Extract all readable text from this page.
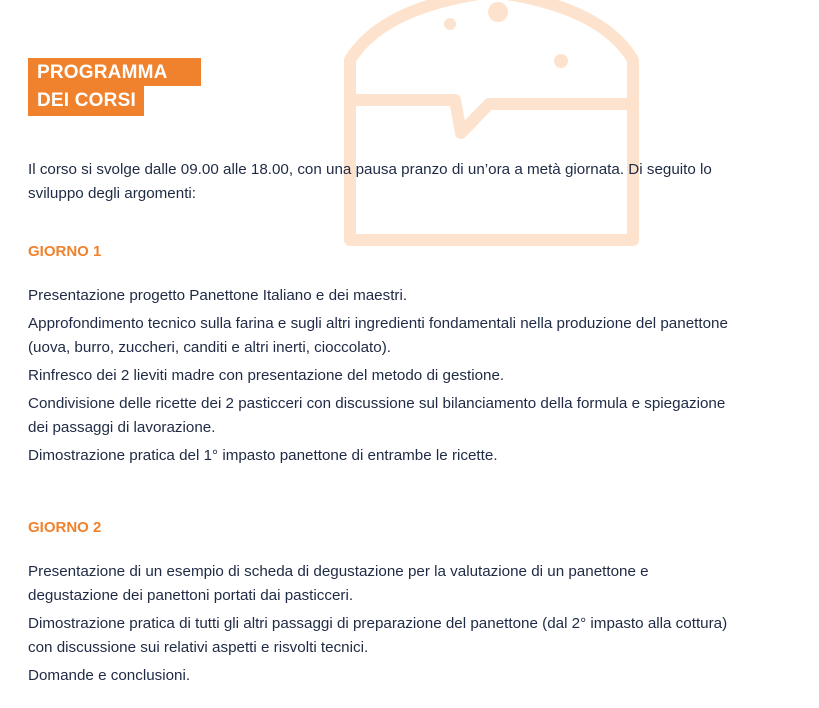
PROGRAMMA
DEI CORSI

Il corso si svolge dalle 09.00 alle 18.00, con una pausa pranzo di un’ora a metà giornata. Di seguito lo sviluppo degli argomenti:

GIORNO 1
Presentazione progetto Panettone Italiano e dei maestri.
Approfondimento tecnico sulla farina e sugli altri ingredienti fondamentali nella produzione del panettone (uova, burro, zuccheri, canditi e altri inerti, cioccolato).
Rinfresco dei 2 lieviti madre con presentazione del metodo di gestione.
Condivisione delle ricette dei 2 pasticceri con discussione sul bilanciamento della formula e spiegazione dei passaggi di lavorazione.
Dimostrazione pratica del 1° impasto panettone di entrambe le ricette.
GIORNO 2
Presentazione di un esempio di scheda di degustazione per la valutazione di un panettone e degustazione dei panettoni portati dai pasticceri.
Dimostrazione pratica di tutti gli altri passaggi di preparazione del panettone (dal 2° impasto alla cottura) con discussione sui relativi aspetti e risvolti tecnici.
Domande e conclusioni.
